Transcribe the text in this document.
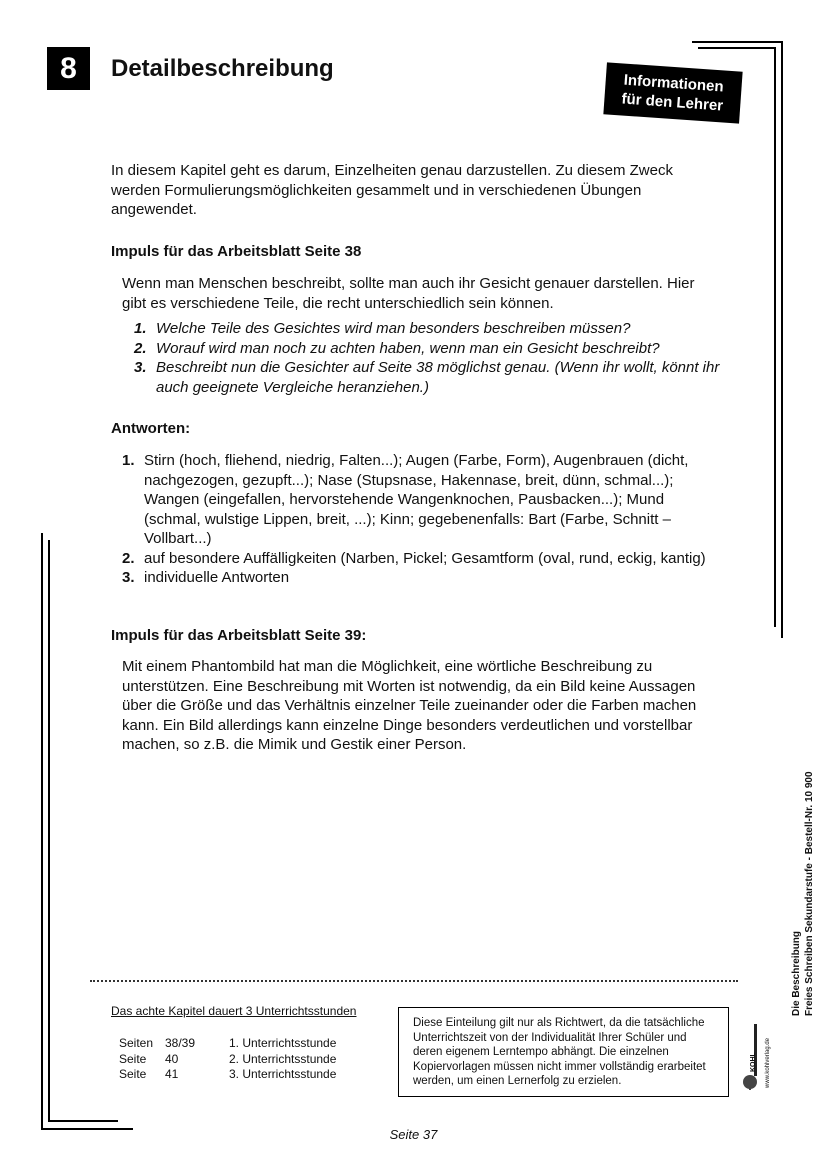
8	Detailbeschreibung
Informationen
für den Lehrer

In diesem Kapitel geht es darum, Einzelheiten genau darzustellen. Zu diesem Zweck werden Formulierungsmöglichkeiten gesammelt und in verschiedenen Übungen angewendet.

Impuls für das Arbeitsblatt Seite 38

Wenn man Menschen beschreibt, sollte man auch ihr Gesicht genauer darstellen. Hier gibt es verschiedene Teile, die recht unterschiedlich sein können.

1. Welche Teile des Gesichtes wird man besonders beschreiben müssen?
2. Worauf wird man noch zu achten haben, wenn man ein Gesicht beschreibt?
3. Beschreibt nun die Gesichter auf Seite 38 möglichst genau. (Wenn ihr wollt, könnt ihr auch geeignete Vergleiche heranziehen.)
Antworten:
1. Stirn (hoch, fliehend, niedrig, Falten...); Augen (Farbe, Form), Augenbrauen (dicht, nachgezogen, gezupft...); Nase (Stupsnase, Hakennase, breit, dünn, schmal...); Wangen (eingefallen, hervorstehende Wangenknochen, Pausbacken...); Mund (schmal, wulstige Lippen, breit, ...); Kinn; gegebenenfalls: Bart (Farbe, Schnitt – Vollbart...)
2. auf besondere Auffälligkeiten (Narben, Pickel; Gesamtform (oval, rund, eckig, kantig)
3. individuelle Antworten
Impuls für das Arbeitsblatt Seite 39:

Mit einem Phantombild hat man die Möglichkeit, eine wörtliche Beschreibung zu unterstützen. Eine Beschreibung mit Worten ist notwendig, da ein Bild keine Aussagen über die Größe und das Verhältnis einzelner Teile zueinander oder die Farben machen kann. Ein Bild allerdings kann einzelne Dinge besonders verdeutlichen und vorstellbar machen, so z.B. die Mimik und Gestik einer Person.

Das achte Kapitel dauert 3 Unterrichtsstunden
Seiten	38/39	1. Unterrichtsstunde
Seite	40	2. Unterrichtsstunde
Seite	41	3. Unterrichtsstunde
Diese Einteilung gilt nur als Richtwert, da die tatsächliche Unterrichtszeit von der Individualität Ihrer Schüler und deren eigenem Lerntempo abhängt. Die einzelnen Kopiervorlagen müssen nicht immer vollständig erarbeitet werden, um einen Lernerfolg zu erzielen.
Die Beschreibung Freies Schreiben Sekundarstufe - Bestell-Nr. 10 900
KOHL www.kohlverlag.de
Seite 37
